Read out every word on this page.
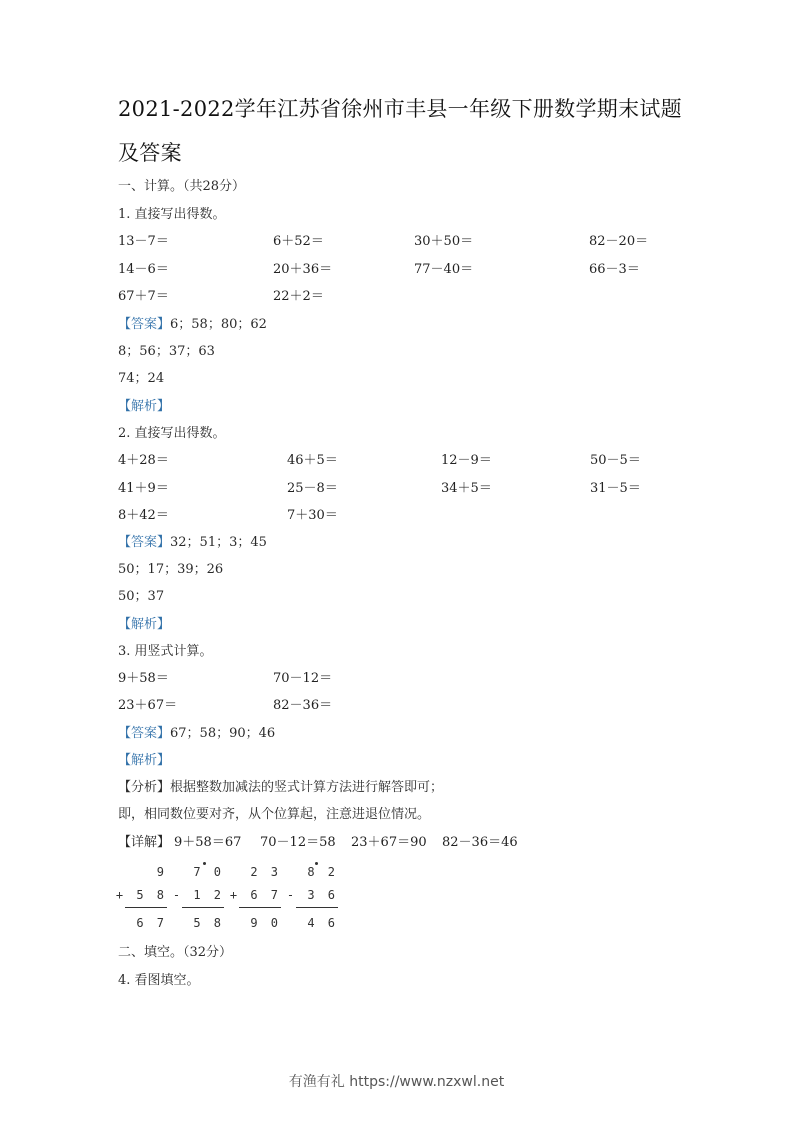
2021-2022学年江苏省徐州市丰县一年级下册数学期末试题
及答案
一、计算。（共28分）
1. 直接写出得数。
13－7＝	6＋52＝	30＋50＝	82－20＝
14－6＝	20＋36＝	77－40＝	66－3＝
67＋7＝	22＋2＝
【答案】6；58；80；62
8；56；37；63
74；24
【解析】
2. 直接写出得数。
4＋28＝	46＋5＝	12－9＝	50－5＝
41＋9＝	25－8＝	34＋5＝	31－5＝
8＋42＝	7＋30＝
【答案】32；51；3；45
50；17；39；26
50；37
【解析】
3. 用竖式计算。
9＋58＝	70－12＝
23＋67＝	82－36＝
【答案】67；58；90；46
【解析】
【分析】根据整数加减法的竖式计算方法进行解答即可；
即，相同数位要对齐，从个位算起，注意进退位情况。
【详解】 9＋58＝67 70－12＝58 23＋67＝90 82－36＝46
9
+ 5 8
6 7
7 0
- 1 2
5 8
2 3
+ 6 7
9 0
8 2
- 3 6
4 6
二、填空。（32分）
4. 看图填空。
有渔有礼 https://www.nzxwl.net
